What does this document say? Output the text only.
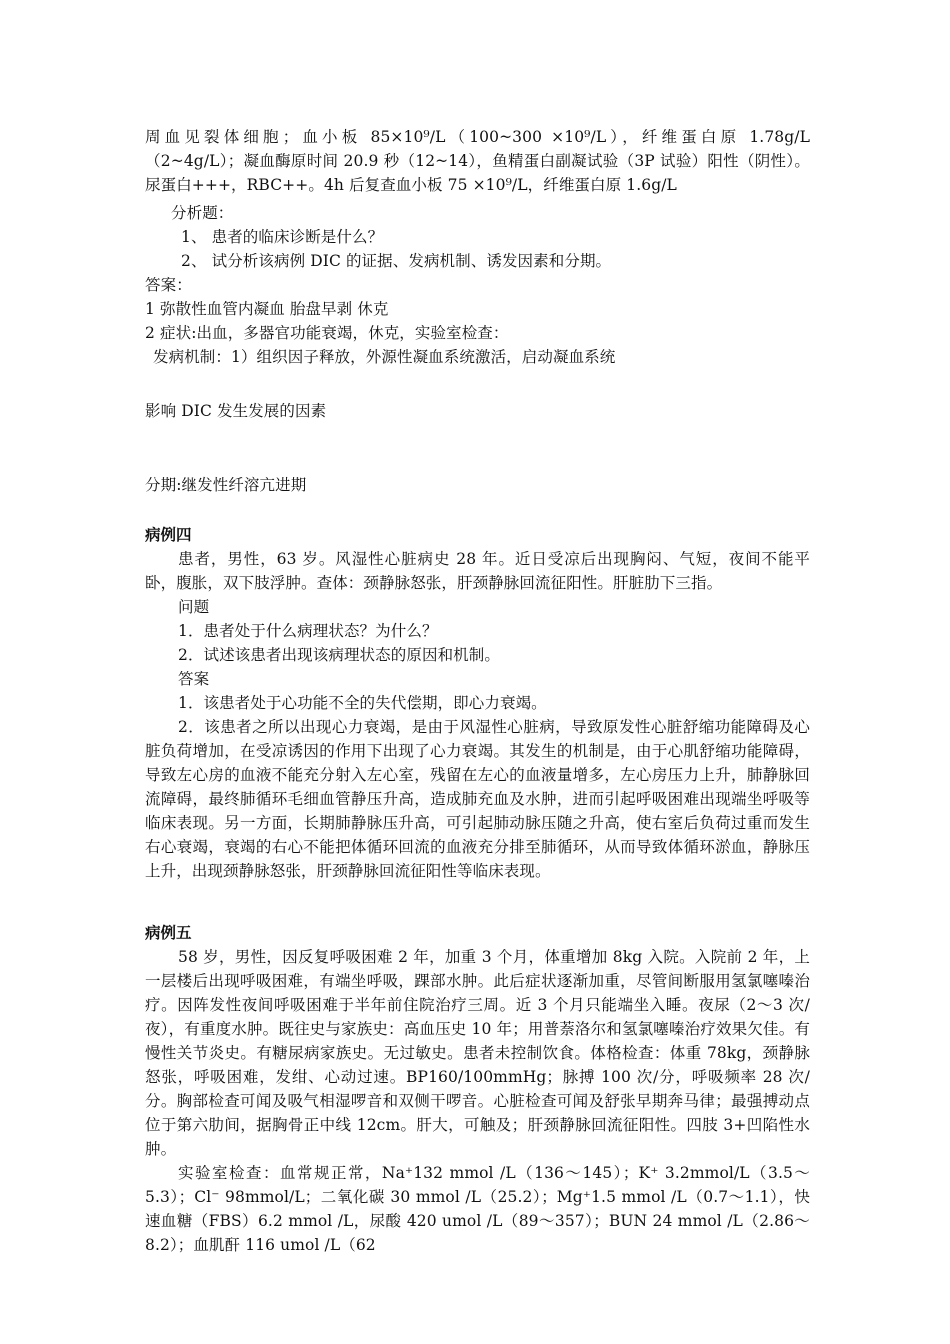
周血见裂体细胞；血小板 85×10⁹/L（100~300 ×10⁹/L），纤维蛋白原 1.78g/L（2~4g/L）；凝血酶原时间 20.9 秒（12~14），鱼精蛋白副凝试验（3P 试验）阳性（阴性）。尿蛋白+++，RBC++。4h 后复查血小板 75 ×10⁹/L，纤维蛋白原 1.6g/L

分析题：

1、 患者的临床诊断是什么？

2、 试分析该病例 DIC 的证据、发病机制、诱发因素和分期。

答案：

1 弥散性血管内凝血 胎盘早剥 休克

2 症状:出血，多器官功能衰竭，休克，实验室检查：

发病机制：1）组织因子释放，外源性凝血系统激活，启动凝血系统

影响 DIC 发生发展的因素

分期:继发性纤溶亢进期

病例四

患者，男性，63 岁。风湿性心脏病史 28 年。近日受凉后出现胸闷、气短，夜间不能平卧，腹胀，双下肢浮肿。查体：颈静脉怒张，肝颈静脉回流征阳性。肝脏肋下三指。

问题

1．患者处于什么病理状态？为什么？

2．试述该患者出现该病理状态的原因和机制。

答案

1．该患者处于心功能不全的失代偿期，即心力衰竭。

2．该患者之所以出现心力衰竭，是由于风湿性心脏病，导致原发性心脏舒缩功能障碍及心脏负荷增加，在受凉诱因的作用下出现了心力衰竭。其发生的机制是，由于心肌舒缩功能障碍，导致左心房的血液不能充分射入左心室，残留在左心的血液量增多，左心房压力上升，肺静脉回流障碍，最终肺循环毛细血管静压升高，造成肺充血及水肿，进而引起呼吸困难出现端坐呼吸等临床表现。另一方面，长期肺静脉压升高，可引起肺动脉压随之升高，使右室后负荷过重而发生右心衰竭，衰竭的右心不能把体循环回流的血液充分排至肺循环，从而导致体循环淤血，静脉压上升，出现颈静脉怒张，肝颈静脉回流征阳性等临床表现。

病例五

58 岁，男性，因反复呼吸困难 2 年，加重 3 个月，体重增加 8kg 入院。入院前 2 年，上一层楼后出现呼吸困难，有端坐呼吸，踝部水肿。此后症状逐渐加重，尽管间断服用氢氯噻嗪治疗。因阵发性夜间呼吸困难于半年前住院治疗三周。近 3 个月只能端坐入睡。夜尿（2～3 次/夜），有重度水肿。既往史与家族史：高血压史 10 年；用普萘洛尔和氢氯噻嗪治疗效果欠佳。有慢性关节炎史。有糖尿病家族史。无过敏史。患者未控制饮食。体格检查：体重 78kg，颈静脉怒张，呼吸困难，发绀、心动过速。BP160/100mmHg；脉搏 100 次/分，呼吸频率 28 次/分。胸部检查可闻及吸气相湿啰音和双侧干啰音。心脏检查可闻及舒张早期奔马律；最强搏动点位于第六肋间，据胸骨正中线 12cm。肝大，可触及；肝颈静脉回流征阳性。四肢 3+凹陷性水肿。

实验室检查：血常规正常，Na⁺132 mmol /L（136～145）；K⁺ 3.2mmol/L（3.5～5.3）；Cl⁻ 98mmol/L；二氧化碳 30 mmol /L（25.2）；Mg⁺1.5 mmol /L（0.7～1.1），快速血糖（FBS）6.2 mmol /L，尿酸 420 umol /L（89～357）；BUN 24 mmol /L（2.86～8.2）；血肌酐 116 umol /L（62
